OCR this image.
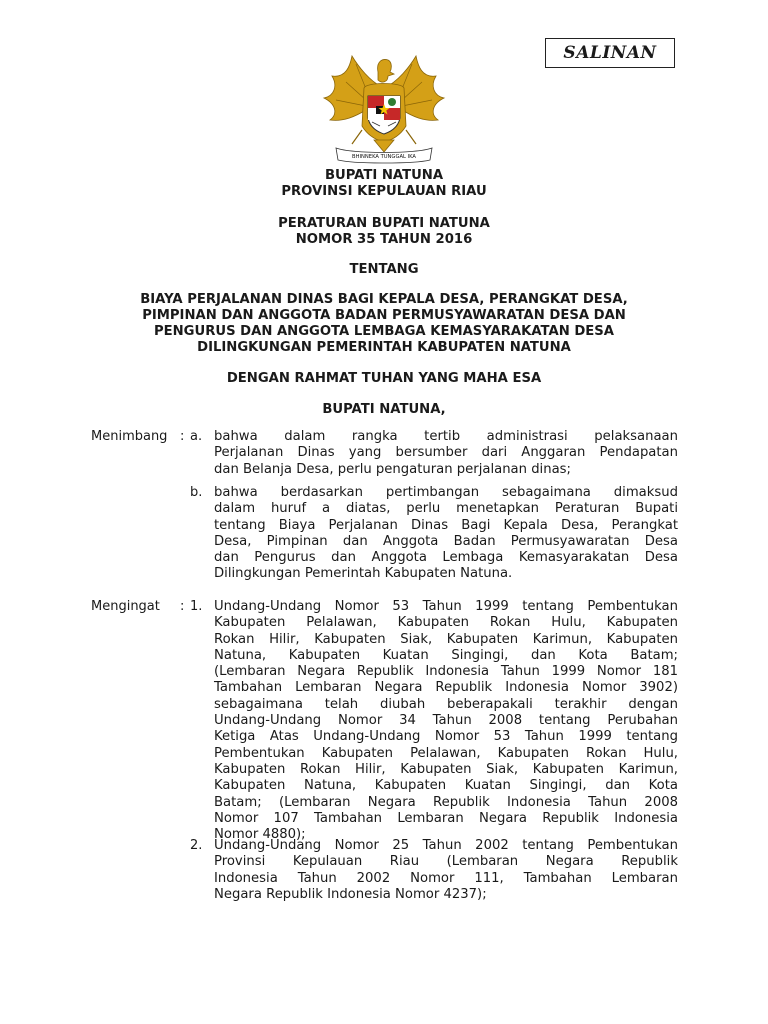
SALINAN
BHINNEKA TUNGGAL IKA
BUPATI NATUNA
PROVINSI KEPULAUAN RIAU
PERATURAN BUPATI NATUNA
NOMOR 35 TAHUN 2016
TENTANG
BIAYA PERJALANAN DINAS BAGI KEPALA DESA, PERANGKAT DESA,
PIMPINAN DAN ANGGOTA BADAN PERMUSYAWARATAN DESA DAN
PENGURUS DAN ANGGOTA LEMBAGA KEMASYARAKATAN DESA
DILINGKUNGAN PEMERINTAH KABUPATEN NATUNA
DENGAN RAHMAT TUHAN YANG MAHA ESA
BUPATI NATUNA,
Menimbang : a. bahwa dalam rangka tertib administrasi pelaksanaan
Perjalanan Dinas yang bersumber dari Anggaran Pendapatan
dan Belanja Desa, perlu pengaturan perjalanan dinas;
b. bahwa berdasarkan pertimbangan sebagaimana dimaksud
dalam huruf a diatas, perlu menetapkan Peraturan Bupati
tentang Biaya Perjalanan Dinas Bagi Kepala Desa, Perangkat
Desa, Pimpinan dan Anggota Badan Permusyawaratan Desa
dan Pengurus dan Anggota Lembaga Kemasyarakatan Desa
Dilingkungan Pemerintah Kabupaten Natuna.
Mengingat : 1. Undang-Undang Nomor 53 Tahun 1999 tentang Pembentukan
Kabupaten Pelalawan, Kabupaten Rokan Hulu, Kabupaten
Rokan Hilir, Kabupaten Siak, Kabupaten Karimun, Kabupaten
Natuna, Kabupaten Kuatan Singingi, dan Kota Batam;
(Lembaran Negara Republik Indonesia Tahun 1999 Nomor 181
Tambahan Lembaran Negara Republik Indonesia Nomor 3902)
sebagaimana telah diubah beberapakali terakhir dengan
Undang-Undang Nomor 34 Tahun 2008 tentang Perubahan
Ketiga Atas Undang-Undang Nomor 53 Tahun 1999 tentang
Pembentukan Kabupaten Pelalawan, Kabupaten Rokan Hulu,
Kabupaten Rokan Hilir, Kabupaten Siak, Kabupaten Karimun,
Kabupaten Natuna, Kabupaten Kuatan Singingi, dan Kota
Batam; (Lembaran Negara Republik Indonesia Tahun 2008
Nomor 107 Tambahan Lembaran Negara Republik Indonesia
Nomor 4880);
2. Undang-Undang Nomor 25 Tahun 2002 tentang Pembentukan
Provinsi Kepulauan Riau (Lembaran Negara Republik
Indonesia Tahun 2002 Nomor 111, Tambahan Lembaran
Negara Republik Indonesia Nomor 4237);
